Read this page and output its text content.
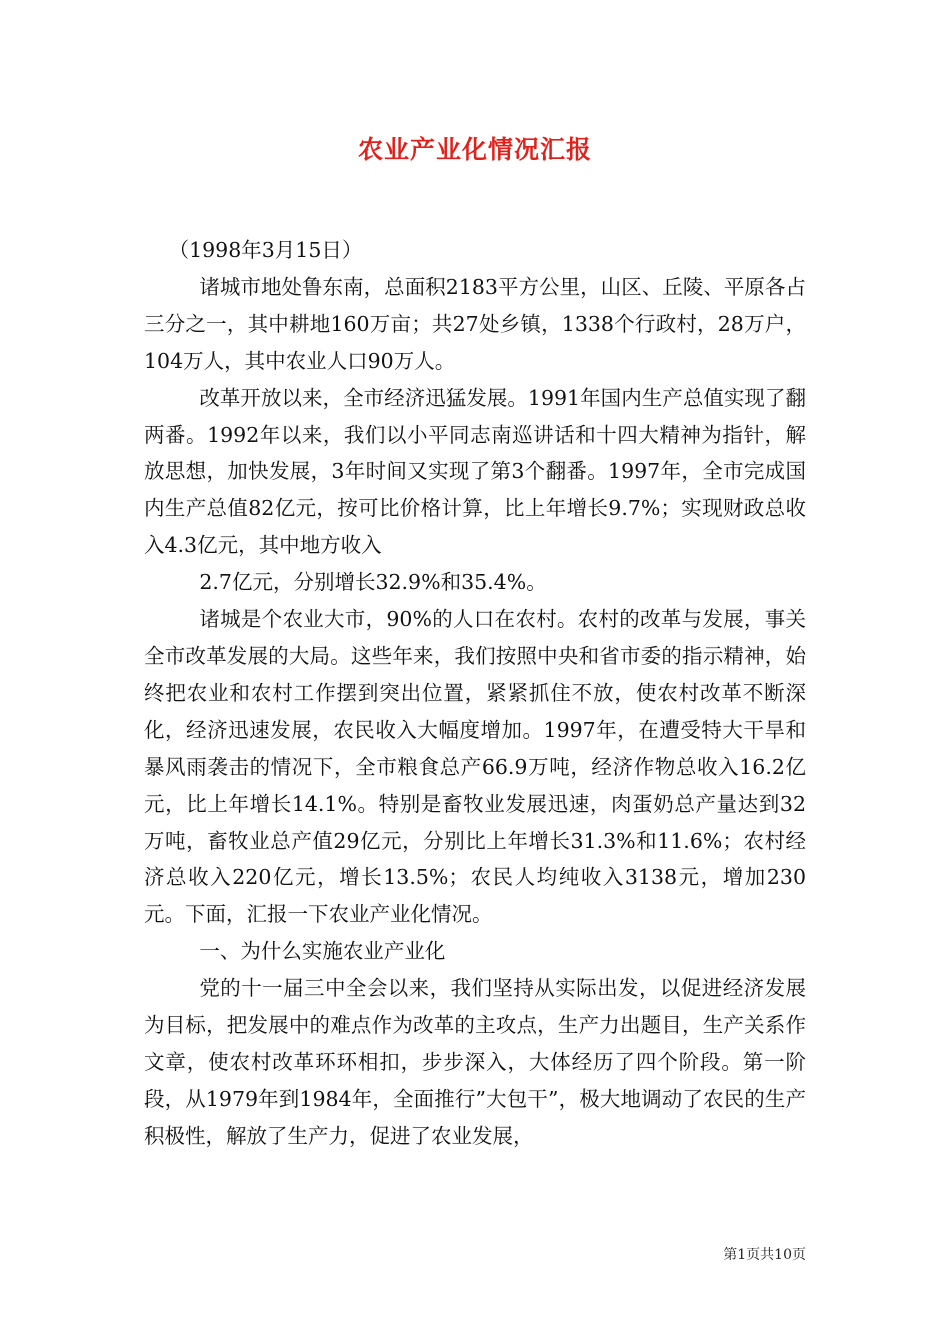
农业产业化情况汇报

（1998年3月15日）

诸城市地处鲁东南，总面积2183平方公里，山区、丘陵、平原各占三分之一，其中耕地160万亩；共27处乡镇，1338个行政村，28万户，104万人，其中农业人口90万人。

改革开放以来，全市经济迅猛发展。1991年国内生产总值实现了翻两番。1992年以来，我们以小平同志南巡讲话和十四大精神为指针，解放思想，加快发展，3年时间又实现了第3个翻番。1997年，全市完成国内生产总值82亿元，按可比价格计算，比上年增长9.7%；实现财政总收入4.3亿元，其中地方收入

2.7亿元，分别增长32.9%和35.4%。

诸城是个农业大市，90%的人口在农村。农村的改革与发展，事关全市改革发展的大局。这些年来，我们按照中央和省市委的指示精神，始终把农业和农村工作摆到突出位置，紧紧抓住不放，使农村改革不断深化，经济迅速发展，农民收入大幅度增加。1997年，在遭受特大干旱和暴风雨袭击的情况下，全市粮食总产66.9万吨，经济作物总收入16.2亿元，比上年增长14.1%。特别是畜牧业发展迅速，肉蛋奶总产量达到32万吨，畜牧业总产值29亿元，分别比上年增长31.3%和11.6%；农村经济总收入220亿元，增长13.5%；农民人均纯收入3138元，增加230元。下面，汇报一下农业产业化情况。

一、为什么实施农业产业化

党的十一届三中全会以来，我们坚持从实际出发，以促进经济发展为目标，把发展中的难点作为改革的主攻点，生产力出题目，生产关系作文章，使农村改革环环相扣，步步深入，大体经历了四个阶段。第一阶段，从1979年到1984年，全面推行”大包干”，极大地调动了农民的生产积极性，解放了生产力，促进了农业发展，

第1页共10页
